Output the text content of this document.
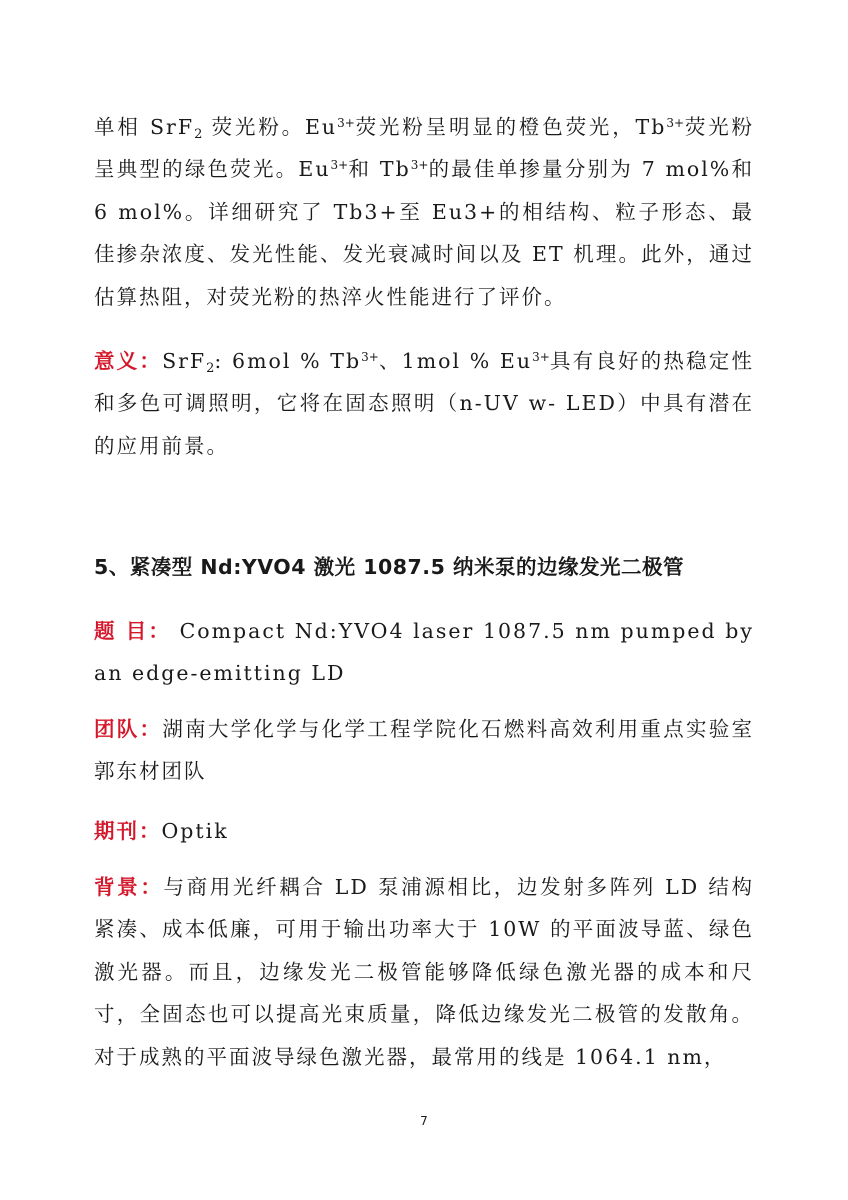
单相 SrF$_2$ 荧光粉。$Eu^{3+}$荧光粉呈明显的橙色荧光，$Tb^{3+}$荧光粉呈典型的绿色荧光。$Eu^{3+}$和 $Tb^{3+}$的最佳单掺量分别为 7 mol%和 6 mol%。详细研究了 Tb3+至 Eu3+的相结构、粒子形态、最佳掺杂浓度、发光性能、发光衰减时间以及 ET 机理。此外，通过估算热阻，对荧光粉的热淬火性能进行了评价。

意义：SrF$_2$: 6mol % $Tb^{3+}$、1mol % $Eu^{3+}$具有良好的热稳定性和多色可调照明，它将在固态照明（n-UV w- LED）中具有潜在的应用前景。

5、紧凑型 Nd:YVO4 激光 1087.5 纳米泵的边缘发光二极管

题 目： Compact Nd:YVO4 laser 1087.5 nm pumped by an edge-emitting LD

团队：湖南大学化学与化学工程学院化石燃料高效利用重点实验室郭东材团队

期刊：Optik

背景：与商用光纤耦合 LD 泵浦源相比，边发射多阵列 LD 结构紧凑、成本低廉，可用于输出功率大于 10W 的平面波导蓝、绿色激光器。而且，边缘发光二极管能够降低绿色激光器的成本和尺寸，全固态也可以提高光束质量，降低边缘发光二极管的发散角。对于成熟的平面波导绿色激光器，最常用的线是 1064.1 nm，

7
